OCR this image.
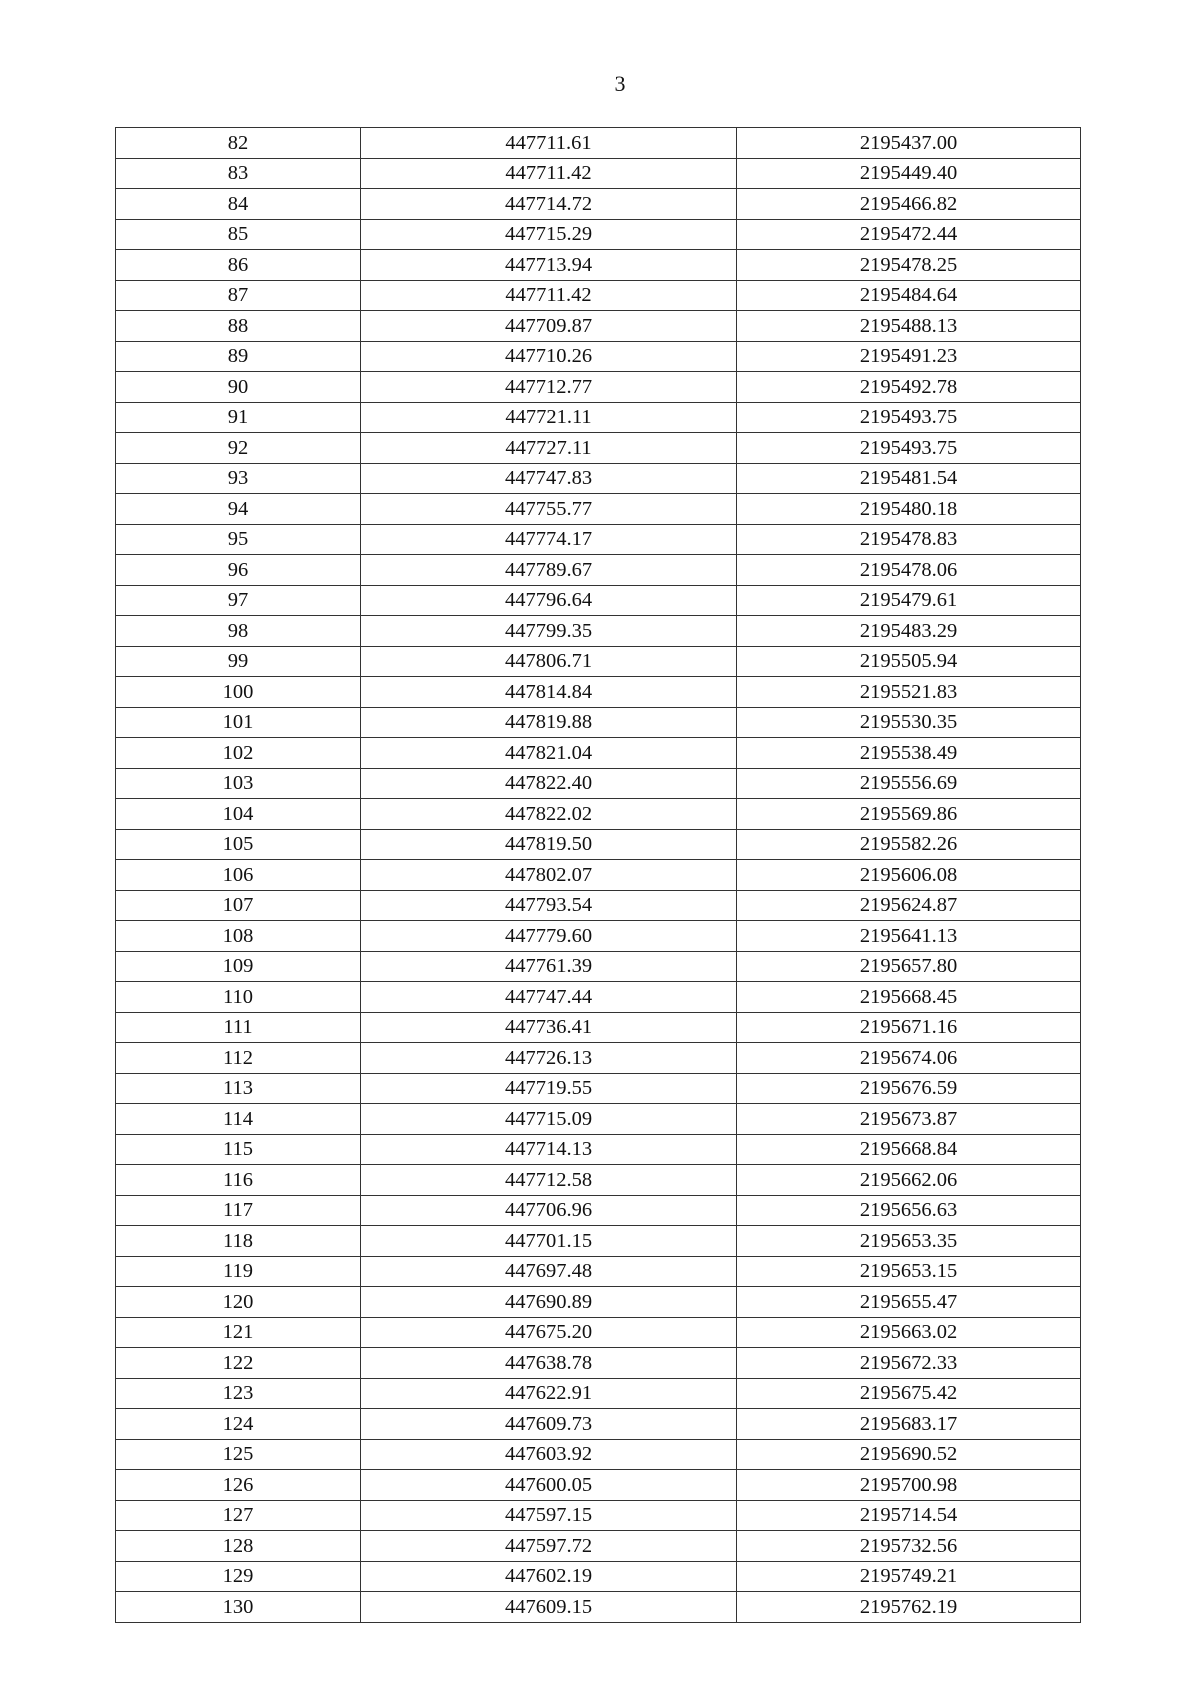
3
82	447711.61	2195437.00
83	447711.42	2195449.40
84	447714.72	2195466.82
85	447715.29	2195472.44
86	447713.94	2195478.25
87	447711.42	2195484.64
88	447709.87	2195488.13
89	447710.26	2195491.23
90	447712.77	2195492.78
91	447721.11	2195493.75
92	447727.11	2195493.75
93	447747.83	2195481.54
94	447755.77	2195480.18
95	447774.17	2195478.83
96	447789.67	2195478.06
97	447796.64	2195479.61
98	447799.35	2195483.29
99	447806.71	2195505.94
100	447814.84	2195521.83
101	447819.88	2195530.35
102	447821.04	2195538.49
103	447822.40	2195556.69
104	447822.02	2195569.86
105	447819.50	2195582.26
106	447802.07	2195606.08
107	447793.54	2195624.87
108	447779.60	2195641.13
109	447761.39	2195657.80
110	447747.44	2195668.45
111	447736.41	2195671.16
112	447726.13	2195674.06
113	447719.55	2195676.59
114	447715.09	2195673.87
115	447714.13	2195668.84
116	447712.58	2195662.06
117	447706.96	2195656.63
118	447701.15	2195653.35
119	447697.48	2195653.15
120	447690.89	2195655.47
121	447675.20	2195663.02
122	447638.78	2195672.33
123	447622.91	2195675.42
124	447609.73	2195683.17
125	447603.92	2195690.52
126	447600.05	2195700.98
127	447597.15	2195714.54
128	447597.72	2195732.56
129	447602.19	2195749.21
130	447609.15	2195762.19
